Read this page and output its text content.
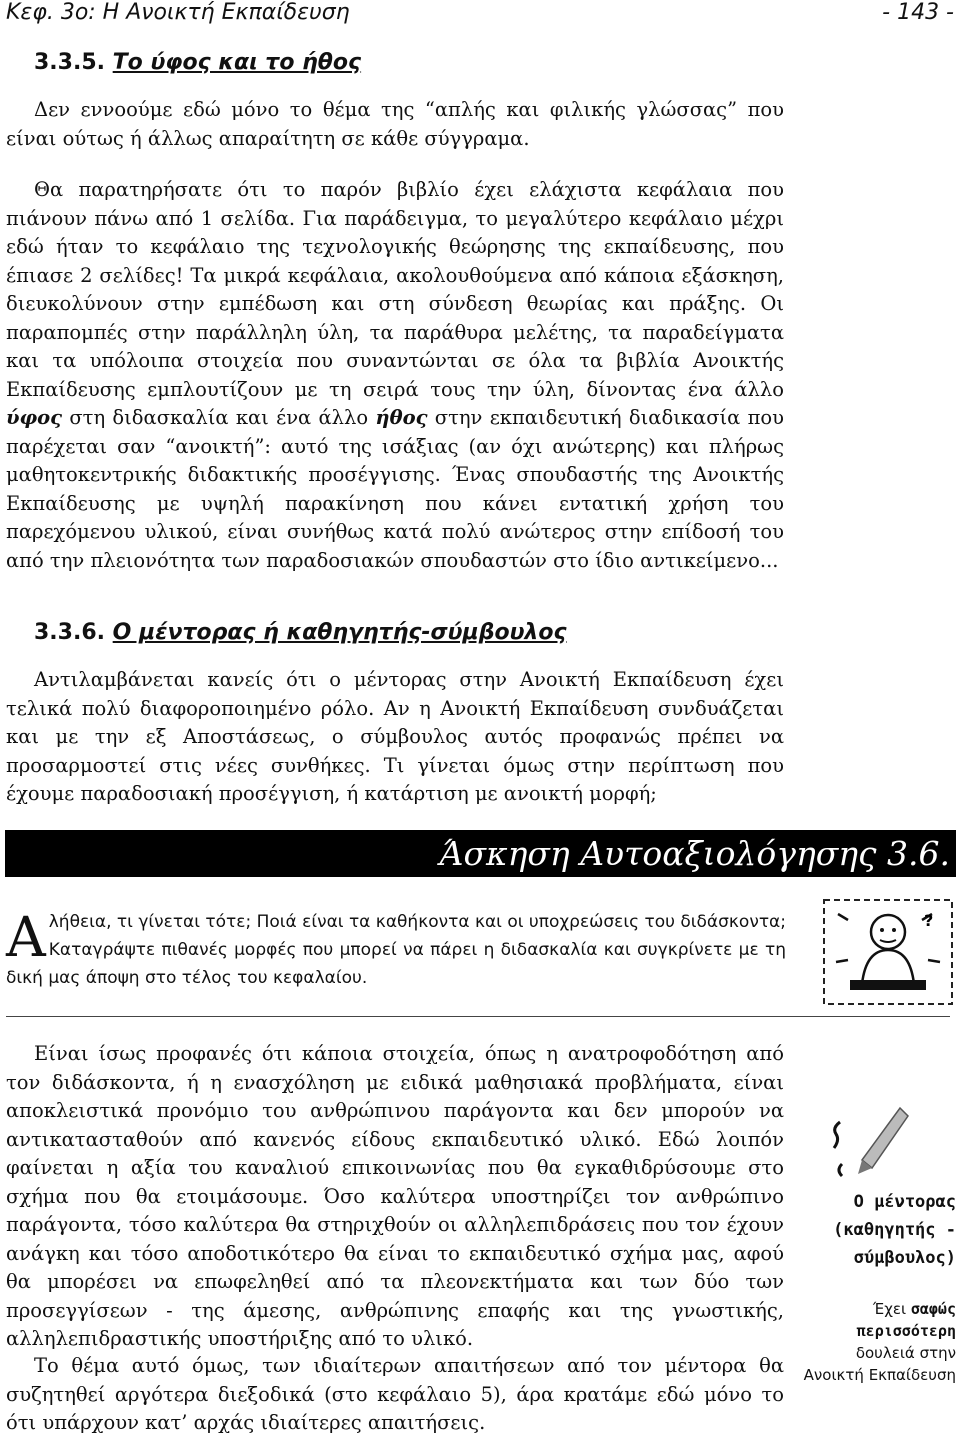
Κεφ. 3ο: Η Ανοικτή Εκπαίδευση	- 143 -
3.3.5. Το ύφος και το ήθος

Δεν εννοούμε εδώ μόνο το θέμα της “απλής και φιλικής γλώσσας” που είναι ούτως ή άλλως απαραίτητη σε κάθε σύγγραμα.

Θα παρατηρήσατε ότι το παρόν βιβλίο έχει ελάχιστα κεφάλαια που πιάνουν πάνω από 1 σελίδα. Για παράδειγμα, το μεγαλύτερο κεφάλαιο μέχρι εδώ ήταν το κεφάλαιο της τεχνολογικής θεώρησης της εκπαίδευσης, που έπιασε 2 σελίδες! Τα μικρά κεφάλαια, ακολουθούμενα από κάποια εξάσκηση, διευκολύνουν στην εμπέδωση και στη σύνδεση θεωρίας και πράξης. Οι παραπομπές στην παράλληλη ύλη, τα παράθυρα μελέτης, τα παραδείγματα και τα υπόλοιπα στοιχεία που συναντώνται σε όλα τα βιβλία Ανοικτής Εκπαίδευσης εμπλουτίζουν με τη σειρά τους την ύλη, δίνοντας ένα άλλο ύφος στη διδασκαλία και ένα άλλο ήθος στην εκπαιδευτική διαδικασία που παρέχεται σαν “ανοικτή”: αυτό της ισάξιας (αν όχι ανώτερης) και πλήρως μαθητοκεντρικής διδακτικής προσέγγισης. Ένας σπουδαστής της Ανοικτής Εκπαίδευσης με υψηλή παρακίνηση που κάνει εντατική χρήση του παρεχόμενου υλικού, είναι συνήθως κατά πολύ ανώτερος στην επίδοσή του από την πλειονότητα των παραδοσιακών σπουδαστών στο ίδιο αντικείμενο...

3.3.6. Ο μέντορας ή καθηγητής-σύμβουλος

Αντιλαμβάνεται κανείς ότι ο μέντορας στην Ανοικτή Εκπαίδευση έχει τελικά πολύ διαφοροποιημένο ρόλο. Αν η Ανοικτή Εκπαίδευση συνδυάζεται και με την εξ Αποστάσεως, ο σύμβουλος αυτός προφανώς πρέπει να προσαρμοστεί στις νέες συνθήκες. Τι γίνεται όμως στην περίπτωση που έχουμε παραδοσιακή προσέγγιση, ή κατάρτιση με ανοικτή μορφή;

Άσκηση Αυτοαξιολόγησης 3.6.

Αλήθεια, τι γίνεται τότε; Ποιά είναι τα καθήκοντα και οι υποχρεώσεις του διδάσκοντα; Καταγράψτε πιθανές μορφές που μπορεί να πάρει η διδασκαλία και συγκρίνετε με τη δική μας άποψη στο τέλος του κεφαλαίου.

?

Είναι ίσως προφανές ότι κάποια στοιχεία, όπως η ανατροφοδότηση από τον διδάσκοντα, ή η ενασχόληση με ειδικά μαθησιακά προβλήματα, είναι αποκλειστικά προνόμιο του ανθρώπινου παράγοντα και δεν μπορούν να αντικατασταθούν από κανενός είδους εκπαιδευτικό υλικό. Εδώ λοιπόν φαίνεται η αξία του καναλιού επικοινωνίας που θα εγκαθιδρύσουμε στο σχήμα που θα ετοιμάσουμε. Όσο καλύτερα υποστηρίζει τον ανθρώπινο παράγοντα, τόσο καλύτερα θα στηριχθούν οι αλληλεπιδράσεις που τον έχουν ανάγκη και τόσο αποδοτικότερο θα είναι το εκπαιδευτικό σχήμα μας, αφού θα μπορέσει να επωφεληθεί από τα πλεονεκτήματα και των δύο των προσεγγίσεων - της άμεσης, ανθρώπινης επαφής και της γνωστικής, αλληλεπιδραστικής υποστήριξης από το υλικό.

Το θέμα αυτό όμως, των ιδιαίτερων απαιτήσεων από τον μέντορα θα συζητηθεί αργότερα διεξοδικά (στο κεφάλαιο 5), άρα κρατάμε εδώ μόνο το ότι υπάρχουν κατ’ αρχάς ιδιαίτερες απαιτήσεις.

Ο μέντορας (καθηγητής - σύμβουλος)
Έχει σαφώς περισσότερη δουλειά στην Ανοικτή Εκπαίδευση
